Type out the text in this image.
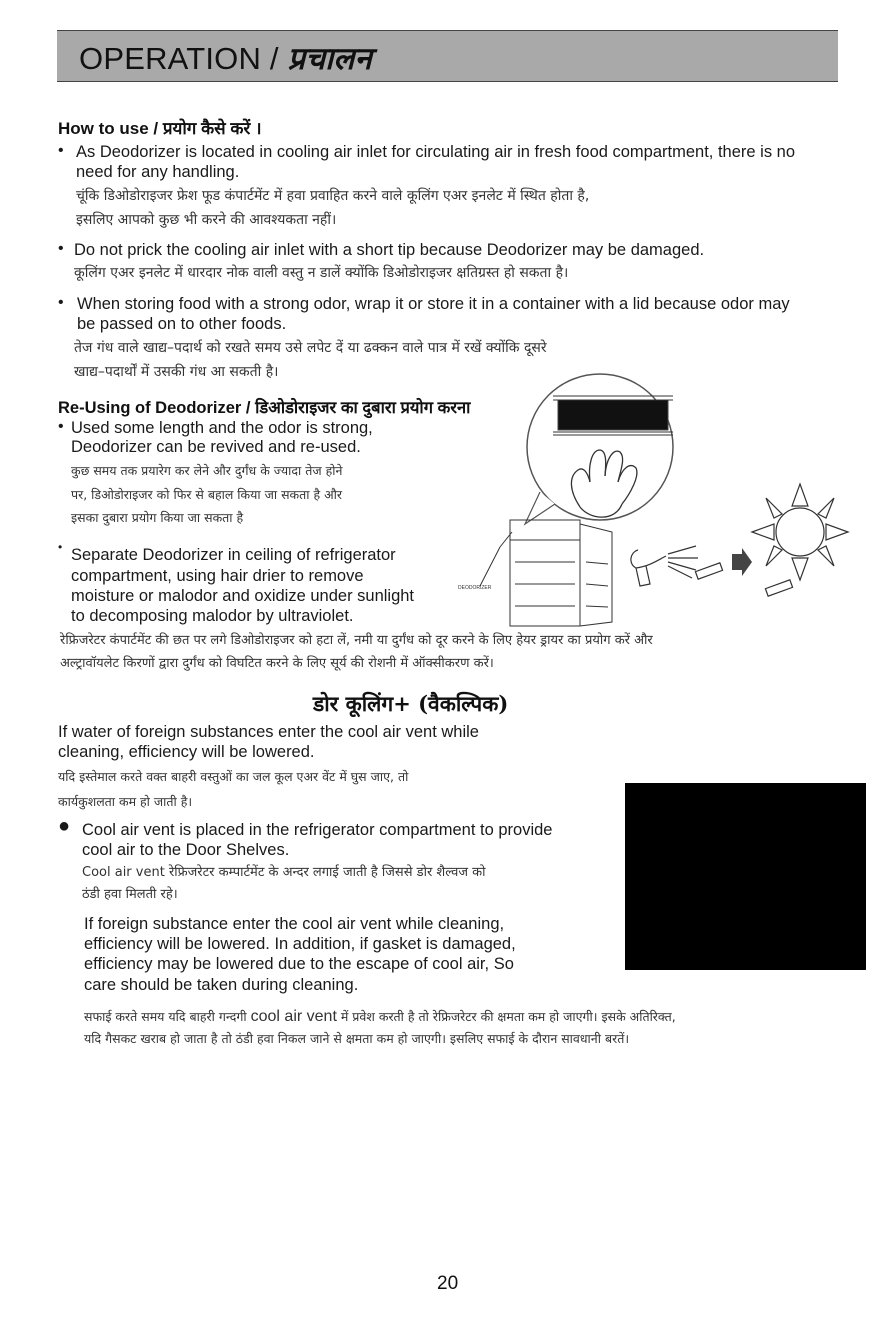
OPERATION / प्रचालन
How to use / प्रयोग कैसे करें ।
• As Deodorizer is located in cooling air inlet for circulating air in fresh food compartment, there is no
need for any handling.
चूंकि डिओडोराइजर फ्रेश फूड कंपार्टमेंट में हवा प्रवाहित करने वाले कूलिंग एअर इनलेट में स्थित होता है,
इसलिए आपको कुछ भी करने की आवश्यकता नहीं।
• Do not prick the cooling air inlet with a short tip because Deodorizer may be damaged.
कूलिंग एअर इनलेट में धारदार नोक वाली वस्तु न डालें क्योंकि डिओडोराइजर क्षतिग्रस्त हो सकता है।
• When storing food with a strong odor, wrap it or store it in a container with a lid because odor may
be passed on to other foods.
तेज गंध वाले खाद्य–पदार्थ को रखते समय उसे लपेट दें या ढक्कन वाले पात्र में रखें क्योंकि दूसरे
खाद्य–पदार्थों में उसकी गंध आ सकती है।
Re-Using of Deodorizer / डिओडोराइजर का दुबारा प्रयोग करना
• Used some length and the odor is strong,
Deodorizer can be revived and re-used.
कुछ समय तक प्रयारेग कर लेने और दुर्गंध के ज्यादा तेज होने
पर, डिओडोराइजर को फिर से बहाल किया जा सकता है और
इसका दुबारा प्रयोग किया जा सकता है
• Separate Deodorizer in ceiling of refrigerator
compartment, using hair drier to remove
moisture or malodor and oxidize under sunlight
to decomposing malodor by ultraviolet.
रेफ्रिजरेटर कंपार्टमेंट की छत पर लगे डिओडोराइजर को हटा लें, नमी या दुर्गंध को दूर करने के लिए हेयर ड्रायर का प्रयोग करें और
अल्ट्रावॉयलेट किरणों द्वारा दुर्गंध को विघटित करने के लिए सूर्य की रोशनी में ऑक्सीकरण करें।
DEODORIZER
डोर कूलिंग+ (वैकल्पिक)
If water of foreign substances enter the cool air vent while
cleaning, efficiency will be lowered.
यदि इस्तेमाल करते वक्त बाहरी वस्तुओं का जल कूल एअर वेंट में घुस जाए, तो
कार्यकुशलता कम हो जाती है।
● Cool air vent is placed in the refrigerator compartment to provide
cool air to the Door Shelves.
Cool air vent रेफ्रिजरेटर कम्पार्टमेंट के अन्दर लगाई जाती है जिससे डोर शैल्वज को
ठंडी हवा मिलती रहे।
If foreign substance enter the cool air vent while cleaning,
efficiency will be lowered. In addition, if gasket is damaged,
efficiency may be lowered due to the escape of cool air, So
care should be taken during cleaning.
सफाई करते समय यदि बाहरी गन्दगी cool air vent में प्रवेश करती है तो रेफ्रिजरेटर की क्षमता कम हो जाएगी। इसके अतिरिक्त,
यदि गैसकट खराब हो जाता है तो ठंडी हवा निकल जाने से क्षमता कम हो जाएगी। इसलिए सफाई के दौरान सावधानी बरतें।
20
